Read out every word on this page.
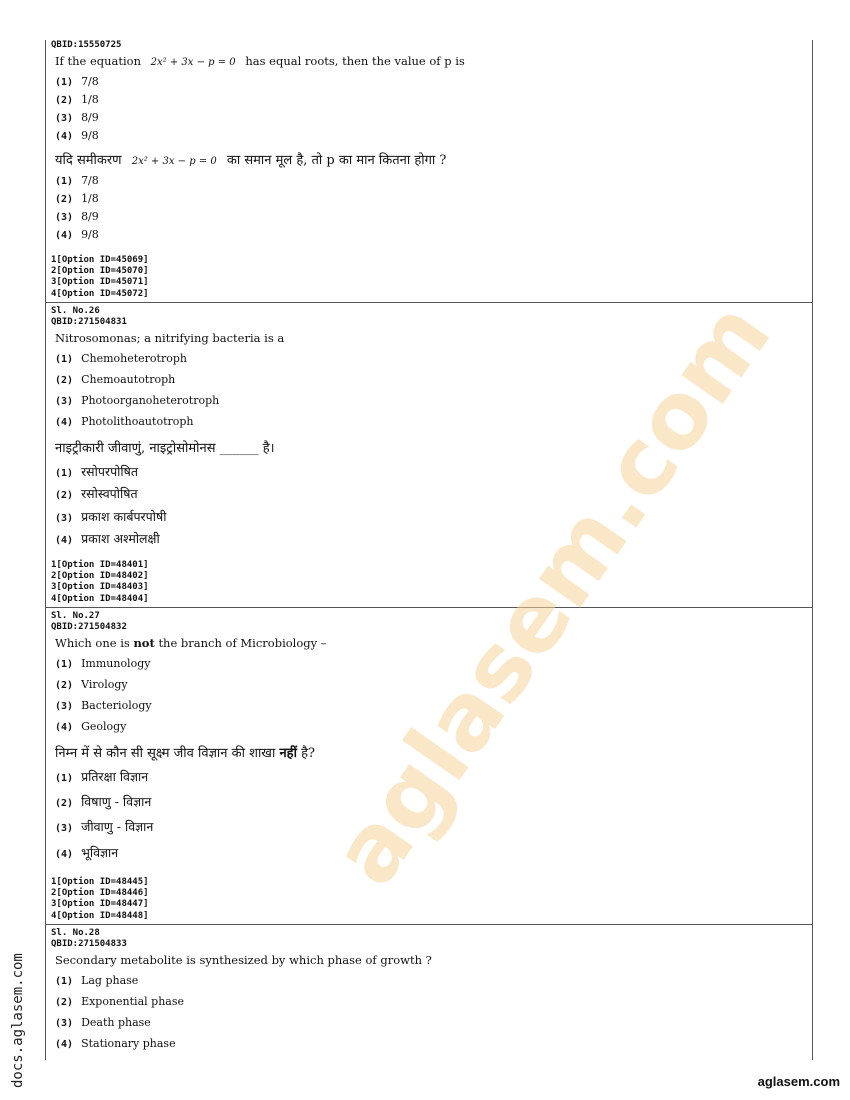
QBID:15550725
If the equation 2x² + 3x − p = 0 has equal roots, then the value of p is
(1) 7/8
(2) 1/8
(3) 8/9
(4) 9/8
यदि समीकरण 2x² + 3x − p = 0 का समान मूल है, तो p का मान कितना होगा ?
(1) 7/8
(2) 1/8
(3) 8/9
(4) 9/8
1[Option ID=45069]
2[Option ID=45070]
3[Option ID=45071]
4[Option ID=45072]
Sl. No.26
QBID:271504831
Nitrosomonas; a nitrifying bacteria is a
(1) Chemoheterotroph
(2) Chemoautotroph
(3) Photoorganoheterotroph
(4) Photolithoautotroph
नाइट्रीकारी जीवाणुं, नाइट्रोसोमोनस ______ है।
(1) रसोपरपोषित
(2) रसोस्वपोषित
(3) प्रकाश कार्बपरपोषी
(4) प्रकाश अश्मोलक्षी
1[Option ID=48401]
2[Option ID=48402]
3[Option ID=48403]
4[Option ID=48404]
Sl. No.27
QBID:271504832
Which one is not the branch of Microbiology –
(1) Immunology
(2) Virology
(3) Bacteriology
(4) Geology
निम्न में से कौन सी सूक्ष्म जीव विज्ञान की शाखा नहीं है?
(1) प्रतिरक्षा विज्ञान
(2) विषाणु - विज्ञान
(3) जीवाणु - विज्ञान
(4) भूविज्ञान
1[Option ID=48445]
2[Option ID=48446]
3[Option ID=48447]
4[Option ID=48448]
Sl. No.28
QBID:271504833
Secondary metabolite is synthesized by which phase of growth ?
(1) Lag phase
(2) Exponential phase
(3) Death phase
(4) Stationary phase
aglasem.com
docs.aglasem.com	aglasem.com
